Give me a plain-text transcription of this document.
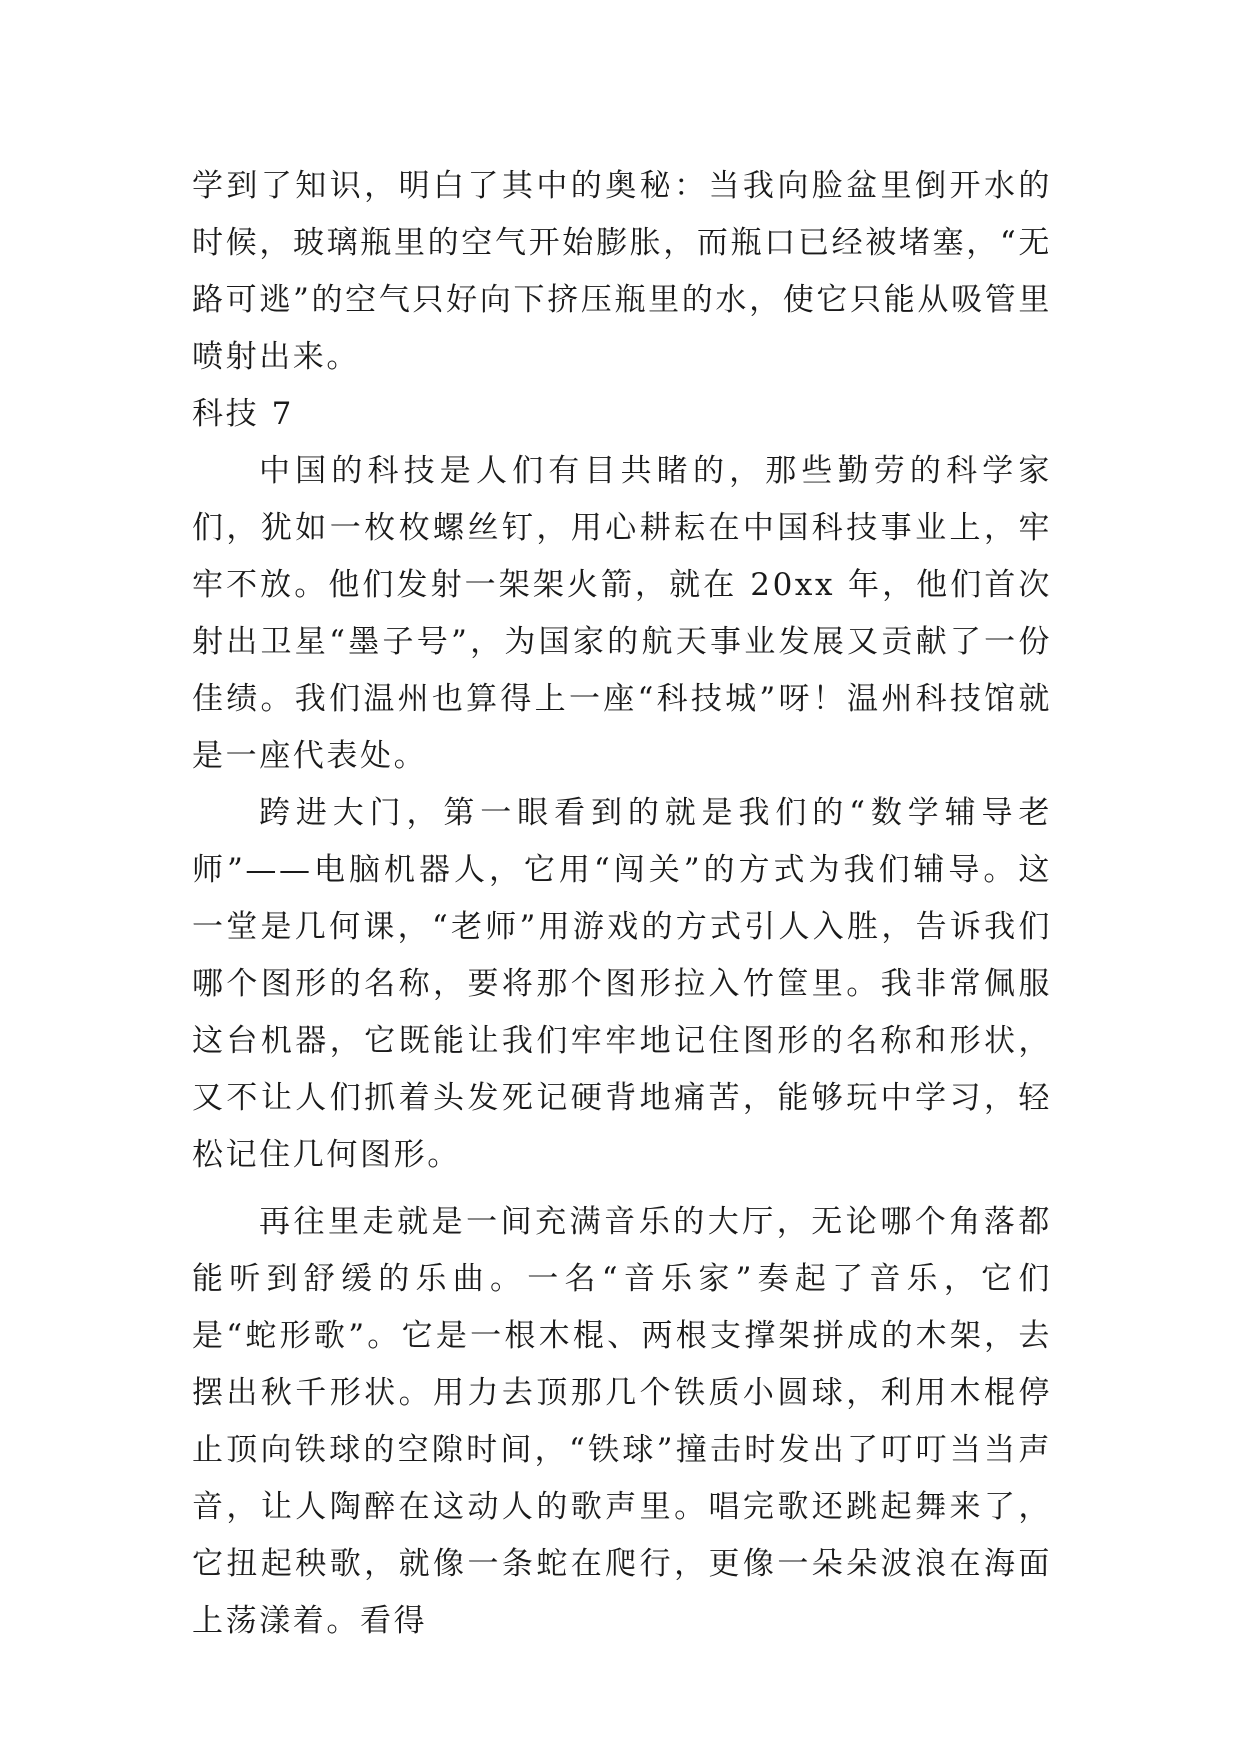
学到了知识，明白了其中的奥秘：当我向脸盆里倒开水的时候，玻璃瓶里的空气开始膨胀，而瓶口已经被堵塞，“无路可逃”的空气只好向下挤压瓶里的水，使它只能从吸管里喷射出来。

科技 7

中国的科技是人们有目共睹的，那些勤劳的科学家们，犹如一枚枚螺丝钉，用心耕耘在中国科技事业上，牢牢不放。他们发射一架架火箭，就在 20xx 年，他们首次射出卫星“墨子号”，为国家的航天事业发展又贡献了一份佳绩。我们温州也算得上一座“科技城”呀！温州科技馆就是一座代表处。

跨进大门，第一眼看到的就是我们的“数学辅导老师”——电脑机器人，它用“闯关”的方式为我们辅导。这一堂是几何课，“老师”用游戏的方式引人入胜，告诉我们哪个图形的名称，要将那个图形拉入竹筐里。我非常佩服这台机器，它既能让我们牢牢地记住图形的名称和形状，又不让人们抓着头发死记硬背地痛苦，能够玩中学习，轻松记住几何图形。

再往里走就是一间充满音乐的大厅，无论哪个角落都能听到舒缓的乐曲。一名“音乐家”奏起了音乐，它们是“蛇形歌”。它是一根木棍、两根支撑架拼成的木架，去摆出秋千形状。用力去顶那几个铁质小圆球，利用木棍停止顶向铁球的空隙时间，“铁球”撞击时发出了叮叮当当声音，让人陶醉在这动人的歌声里。唱完歌还跳起舞来了，它扭起秧歌，就像一条蛇在爬行，更像一朵朵波浪在海面上荡漾着。看得
